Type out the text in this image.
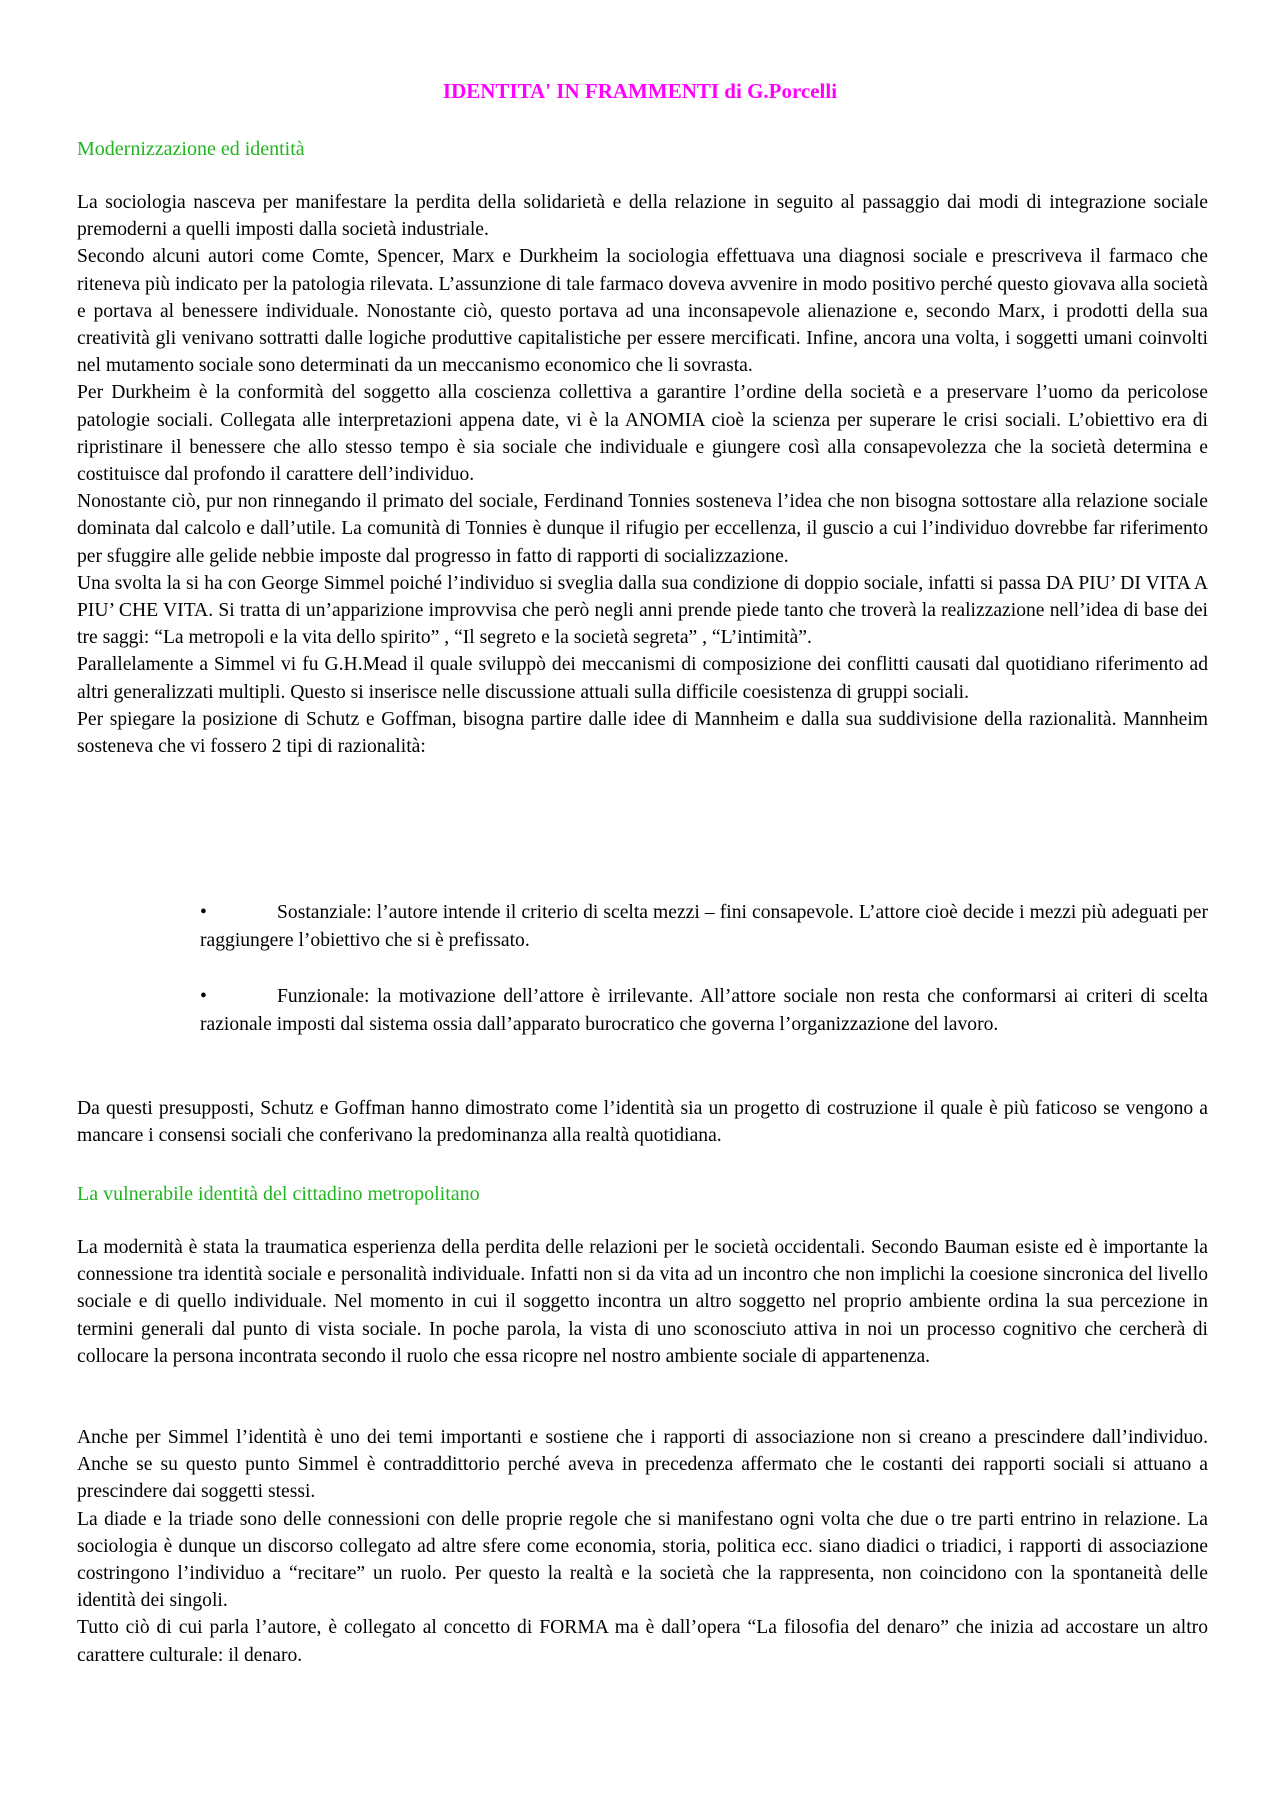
IDENTITA' IN FRAMMENTI di G.Porcelli
Modernizzazione ed identità

La sociologia nasceva per manifestare la perdita della solidarietà e della relazione in seguito al passaggio dai modi di integrazione sociale premoderni a quelli imposti dalla società industriale.

Secondo alcuni autori come Comte, Spencer, Marx e Durkheim la sociologia effettuava una diagnosi sociale e prescriveva il farmaco che riteneva più indicato per la patologia rilevata. L’assunzione di tale farmaco doveva avvenire in modo positivo perché questo giovava alla società e portava al benessere individuale. Nonostante ciò, questo portava ad una inconsapevole alienazione e, secondo Marx, i prodotti della sua creatività gli venivano sottratti dalle logiche produttive capitalistiche per essere mercificati. Infine, ancora una volta, i soggetti umani coinvolti nel mutamento sociale sono determinati da un meccanismo economico che li sovrasta.

Per Durkheim è la conformità del soggetto alla coscienza collettiva a garantire l’ordine della società e a preservare l’uomo da pericolose patologie sociali. Collegata alle interpretazioni appena date, vi è la ANOMIA cioè la scienza per superare le crisi sociali. L’obiettivo era di ripristinare il benessere che allo stesso tempo è sia sociale che individuale e giungere così alla consapevolezza che la società determina e costituisce dal profondo il carattere dell’individuo.

Nonostante ciò, pur non rinnegando il primato del sociale, Ferdinand Tonnies sosteneva l’idea che non bisogna sottostare alla relazione sociale dominata dal calcolo e dall’utile. La comunità di Tonnies è dunque il rifugio per eccellenza, il guscio a cui l’individuo dovrebbe far riferimento per sfuggire alle gelide nebbie imposte dal progresso in fatto di rapporti di socializzazione.

Una svolta la si ha con George Simmel poiché l’individuo si sveglia dalla sua condizione di doppio sociale, infatti si passa DA PIU’ DI VITA A PIU’ CHE VITA. Si tratta di un’apparizione improvvisa che però negli anni prende piede tanto che troverà la realizzazione nell’idea di base dei tre saggi: “La metropoli e la vita dello spirito” , “Il segreto e la società segreta” , “L’intimità”.

Parallelamente a Simmel vi fu G.H.Mead il quale sviluppò dei meccanismi di composizione dei conflitti causati dal quotidiano riferimento ad altri generalizzati multipli. Questo si inserisce nelle discussione attuali sulla difficile coesistenza di gruppi sociali.

Per spiegare la posizione di Schutz e Goffman, bisogna partire dalle idee di Mannheim e dalla sua suddivisione della razionalità. Mannheim sosteneva che vi fossero 2 tipi di razionalità:

•	Sostanziale: l’autore intende il criterio di scelta mezzi – fini consapevole. L’attore cioè decide i mezzi più adeguati per raggiungere l’obiettivo che si è prefissato.

•	Funzionale: la motivazione dell’attore è irrilevante. All’attore sociale non resta che conformarsi ai criteri di scelta razionale imposti dal sistema ossia dall’apparato burocratico che governa l’organizzazione del lavoro.

Da questi presupposti, Schutz e Goffman hanno dimostrato come l’identità sia un progetto di costruzione il quale è più faticoso se vengono a mancare i consensi sociali che conferivano la predominanza alla realtà quotidiana.
La vulnerabile identità del cittadino metropolitano
La modernità è stata la traumatica esperienza della perdita delle relazioni per le società occidentali. Secondo Bauman esiste ed è importante la connessione tra identità sociale e personalità individuale. Infatti non si da vita ad un incontro che non implichi la coesione sincronica del livello sociale e di quello individuale. Nel momento in cui il soggetto incontra un altro soggetto nel proprio ambiente ordina la sua percezione in termini generali dal punto di vista sociale. In poche parola, la vista di uno sconosciuto attiva in noi un processo cognitivo che cercherà di collocare la persona incontrata secondo il ruolo che essa ricopre nel nostro ambiente sociale di appartenenza.

Anche per Simmel l’identità è uno dei temi importanti e sostiene che i rapporti di associazione non si creano a prescindere dall’individuo. Anche se su questo punto Simmel è contraddittorio perché aveva in precedenza affermato che le costanti dei rapporti sociali si attuano a prescindere dai soggetti stessi.

La diade e la triade sono delle connessioni con delle proprie regole che si manifestano ogni volta che due o tre parti entrino in relazione. La sociologia è dunque un discorso collegato ad altre sfere come economia, storia, politica ecc. siano diadici o triadici, i rapporti di associazione costringono l’individuo a “recitare” un ruolo. Per questo la realtà e la società che la rappresenta, non coincidono con la spontaneità delle identità dei singoli.

Tutto ciò di cui parla l’autore, è collegato al concetto di FORMA ma è dall’opera “La filosofia del denaro” che inizia ad accostare un altro carattere culturale: il denaro.
